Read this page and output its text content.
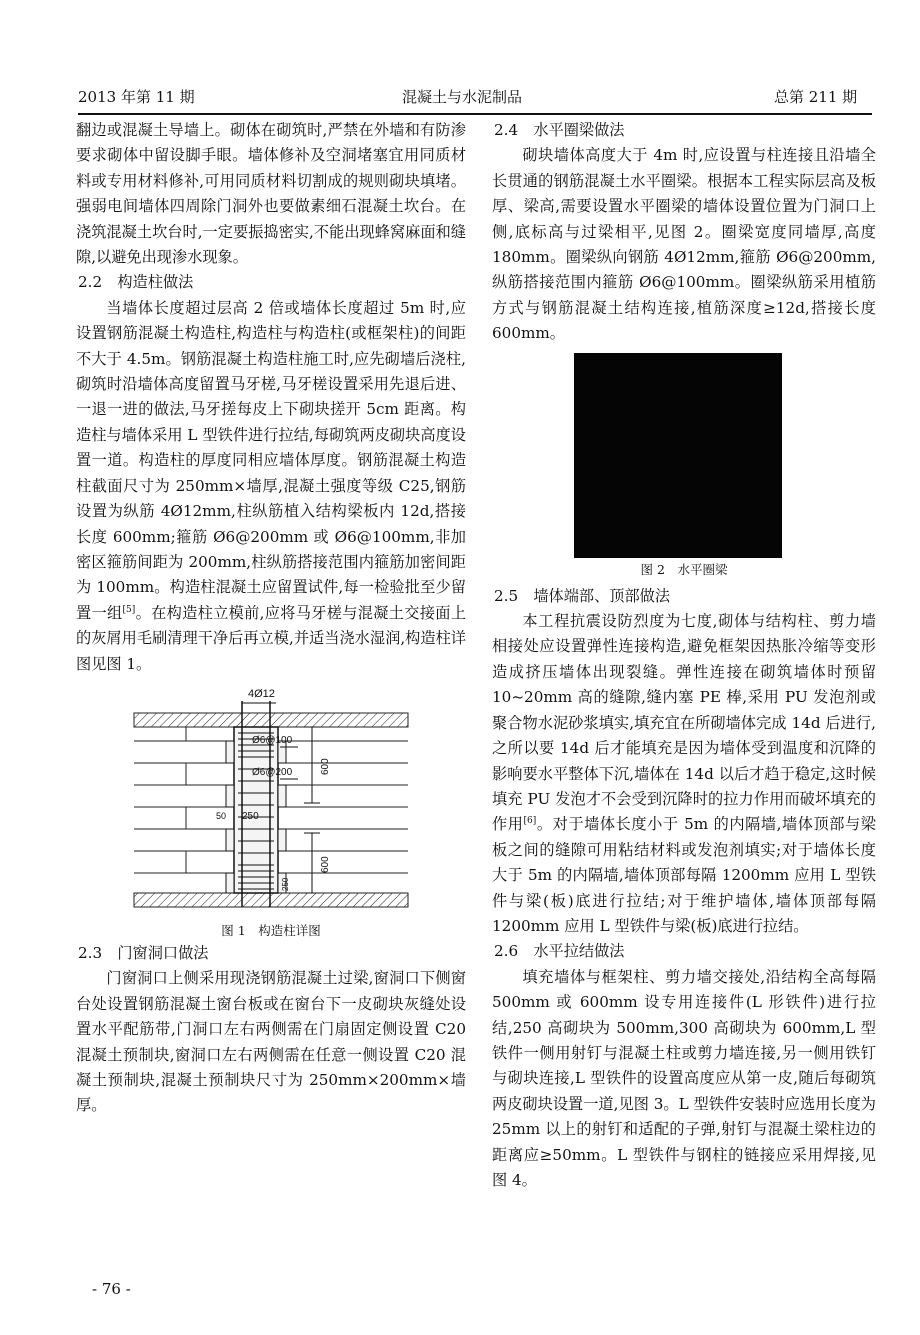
2013 年第 11 期	混凝土与水泥制品	总第 211 期

翻边或混凝土导墙上。砌体在砌筑时,严禁在外墙和有防渗要求砌体中留设脚手眼。墙体修补及空洞堵塞宜用同质材料或专用材料修补,可用同质材料切割成的规则砌块填堵。强弱电间墙体四周除门洞外也要做素细石混凝土坎台。在浇筑混凝土坎台时,一定要振捣密实,不能出现蜂窝麻面和缝隙,以避免出现渗水现象。

2.2　构造柱做法

当墙体长度超过层高 2 倍或墙体长度超过 5m 时,应设置钢筋混凝土构造柱,构造柱与构造柱(或框架柱)的间距不大于 4.5m。钢筋混凝土构造柱施工时,应先砌墙后浇柱,砌筑时沿墙体高度留置马牙槎,马牙槎设置采用先退后进、一退一进的做法,马牙搓每皮上下砌块搓开 5cm 距离。构造柱与墙体采用 L 型铁件进行拉结,每砌筑两皮砌块高度设置一道。构造柱的厚度同相应墙体厚度。钢筋混凝土构造柱截面尺寸为 250mm×墙厚,混凝土强度等级 C25,钢筋设置为纵筋 4Ø12mm,柱纵筋植入结构梁板内 12d,搭接长度 600mm;箍筋 Ø6@200mm 或 Ø6@100mm,非加密区箍筋间距为 200mm,柱纵筋搭接范围内箍筋加密间距为 100mm。构造柱混凝土应留置试件,每一检验批至少留置一组[5]。在构造柱立模前,应将马牙槎与混凝土交接面上的灰屑用毛刷清理干净后再立模,并适当浇水湿润,构造柱详图见图 1。

4Ø12
Ø6@100
Ø6@200
250
50
600
600
250
图 1　构造柱详图

2.3　门窗洞口做法

门窗洞口上侧采用现浇钢筋混凝土过梁,窗洞口下侧窗台处设置钢筋混凝土窗台板或在窗台下一皮砌块灰缝处设置水平配筋带,门洞口左右两侧需在门扇固定侧设置 C20 混凝土预制块,窗洞口左右两侧需在任意一侧设置 C20 混凝土预制块,混凝土预制块尺寸为 250mm×200mm×墙厚。

2.4　水平圈梁做法

砌块墙体高度大于 4m 时,应设置与柱连接且沿墙全长贯通的钢筋混凝土水平圈梁。根据本工程实际层高及板厚、梁高,需要设置水平圈梁的墙体设置位置为门洞口上侧,底标高与过梁相平,见图 2。圈梁宽度同墙厚,高度 180mm。圈梁纵向钢筋 4Ø12mm,箍筋 Ø6@200mm,纵筋搭接范围内箍筋 Ø6@100mm。圈梁纵筋采用植筋方式与钢筋混凝土结构连接,植筋深度≥12d,搭接长度 600mm。

图 2　水平圈梁

2.5　墙体端部、顶部做法

本工程抗震设防烈度为七度,砌体与结构柱、剪力墙相接处应设置弹性连接构造,避免框架因热胀冷缩等变形造成挤压墙体出现裂缝。弹性连接在砌筑墙体时预留 10~20mm 高的缝隙,缝内塞 PE 棒,采用 PU 发泡剂或聚合物水泥砂浆填实,填充宜在所砌墙体完成 14d 后进行,之所以要 14d 后才能填充是因为墙体受到温度和沉降的影响要水平整体下沉,墙体在 14d 以后才趋于稳定,这时候填充 PU 发泡才不会受到沉降时的拉力作用而破坏填充的作用[6]。对于墙体长度小于 5m 的内隔墙,墙体顶部与梁板之间的缝隙可用粘结材料或发泡剂填实;对于墙体长度大于 5m 的内隔墙,墙体顶部每隔 1200mm 应用 L 型铁件与梁(板)底进行拉结;对于维护墙体,墙体顶部每隔 1200mm 应用 L 型铁件与梁(板)底进行拉结。

2.6　水平拉结做法

填充墙体与框架柱、剪力墙交接处,沿结构全高每隔 500mm 或 600mm 设专用连接件(L 形铁件)进行拉结,250 高砌块为 500mm,300 高砌块为 600mm,L 型铁件一侧用射钉与混凝土柱或剪力墙连接,另一侧用铁钉与砌块连接,L 型铁件的设置高度应从第一皮,随后每砌筑两皮砌块设置一道,见图 3。L 型铁件安装时应选用长度为 25mm 以上的射钉和适配的子弹,射钉与混凝土梁柱边的距离应≥50mm。L 型铁件与钢柱的链接应采用焊接,见图 4。

- 76 -
